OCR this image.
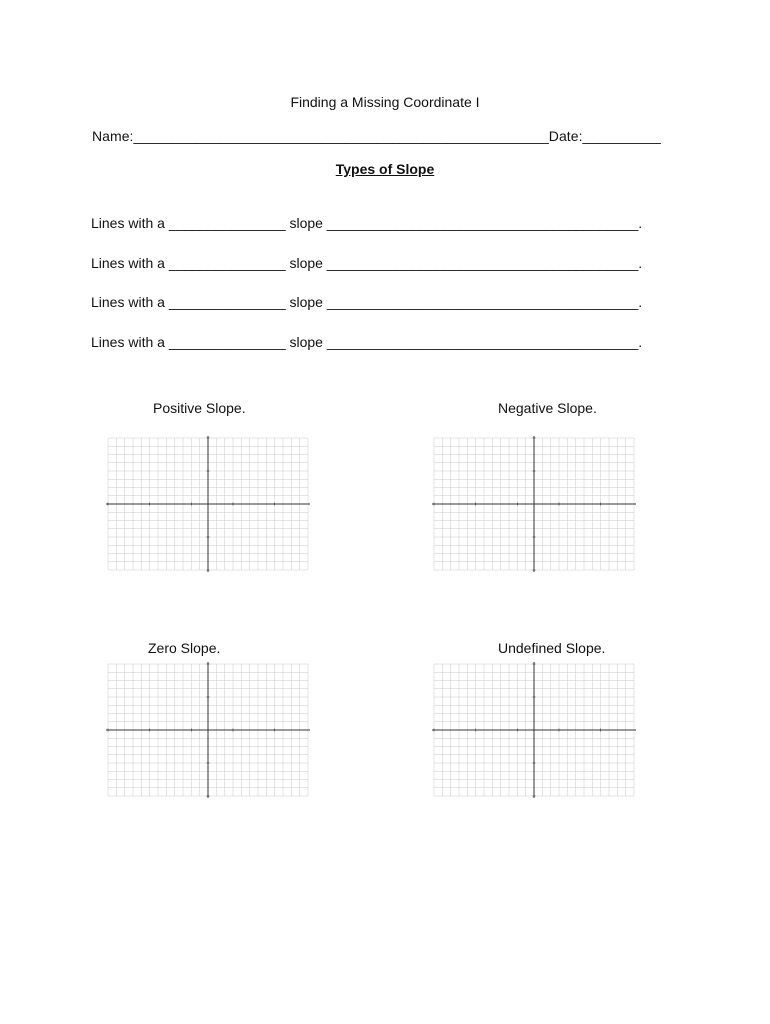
Finding a Missing Coordinate I
Name:_____________________________________________________Date:__________
Types of Slope
Lines with a _______________ slope ________________________________________.
Lines with a _______________ slope ________________________________________.
Lines with a _______________ slope ________________________________________.
Lines with a _______________ slope ________________________________________.
Positive Slope.	Negative Slope.
Zero Slope.	Undefined Slope.
